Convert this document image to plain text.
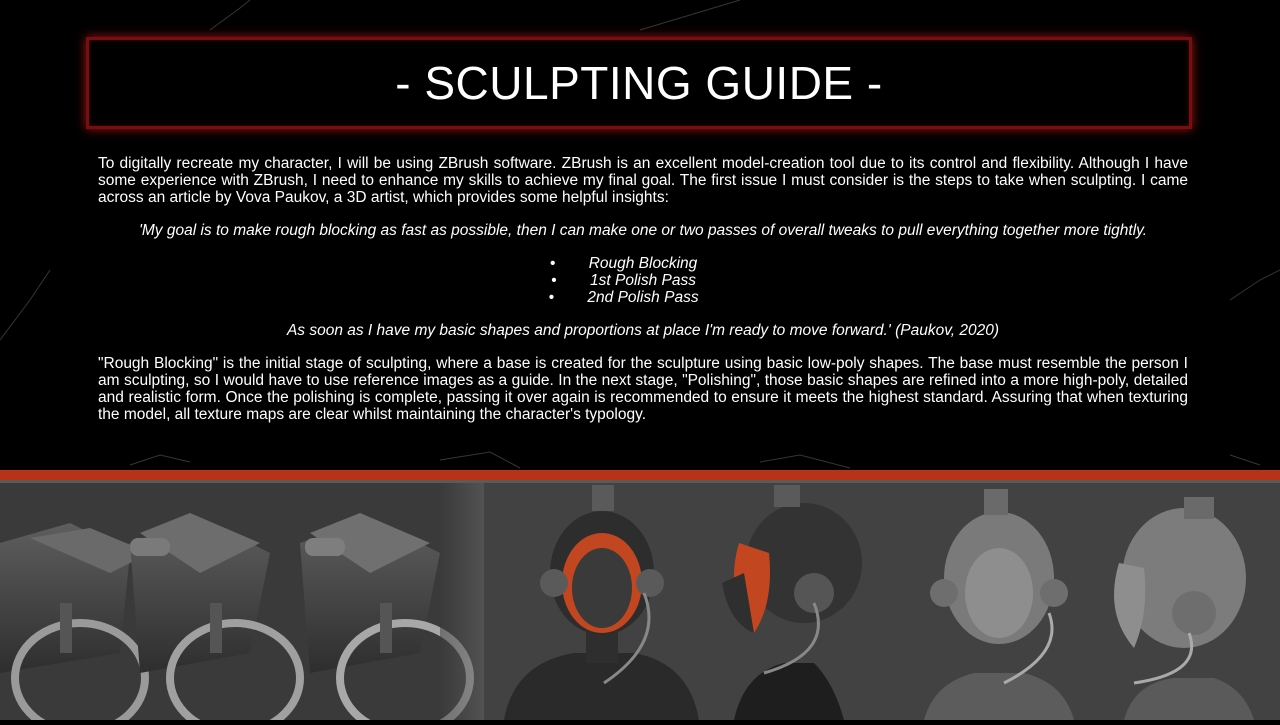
- SCULPTING GUIDE -

To digitally recreate my character, I will be using ZBrush software. ZBrush is an excellent model-creation tool due to its control and flexibility. Although I have some experience with ZBrush, I need to enhance my skills to achieve my final goal. The first issue I must consider is the steps to take when sculpting. I came across an article by Vova Paukov, a 3D artist, which provides some helpful insights:

'My goal is to make rough blocking as fast as possible, then I can make one or two passes of overall tweaks to pull everything together more tightly.

• Rough Blocking
• 1st Polish Pass
• 2nd Polish Pass

As soon as I have my basic shapes and proportions at place I'm ready to move forward.' (Paukov, 2020)

"Rough Blocking" is the initial stage of sculpting, where a base is created for the sculpture using basic low-poly shapes. The base must resemble the person I am sculpting, so I would have to use reference images as a guide. In the next stage, "Polishing", those basic shapes are refined into a more high-poly, detailed and realistic form. Once the polishing is complete, passing it over again is recommended to ensure it meets the highest standard. Assuring that when texturing the model, all texture maps are clear whilst maintaining the character's typology.
